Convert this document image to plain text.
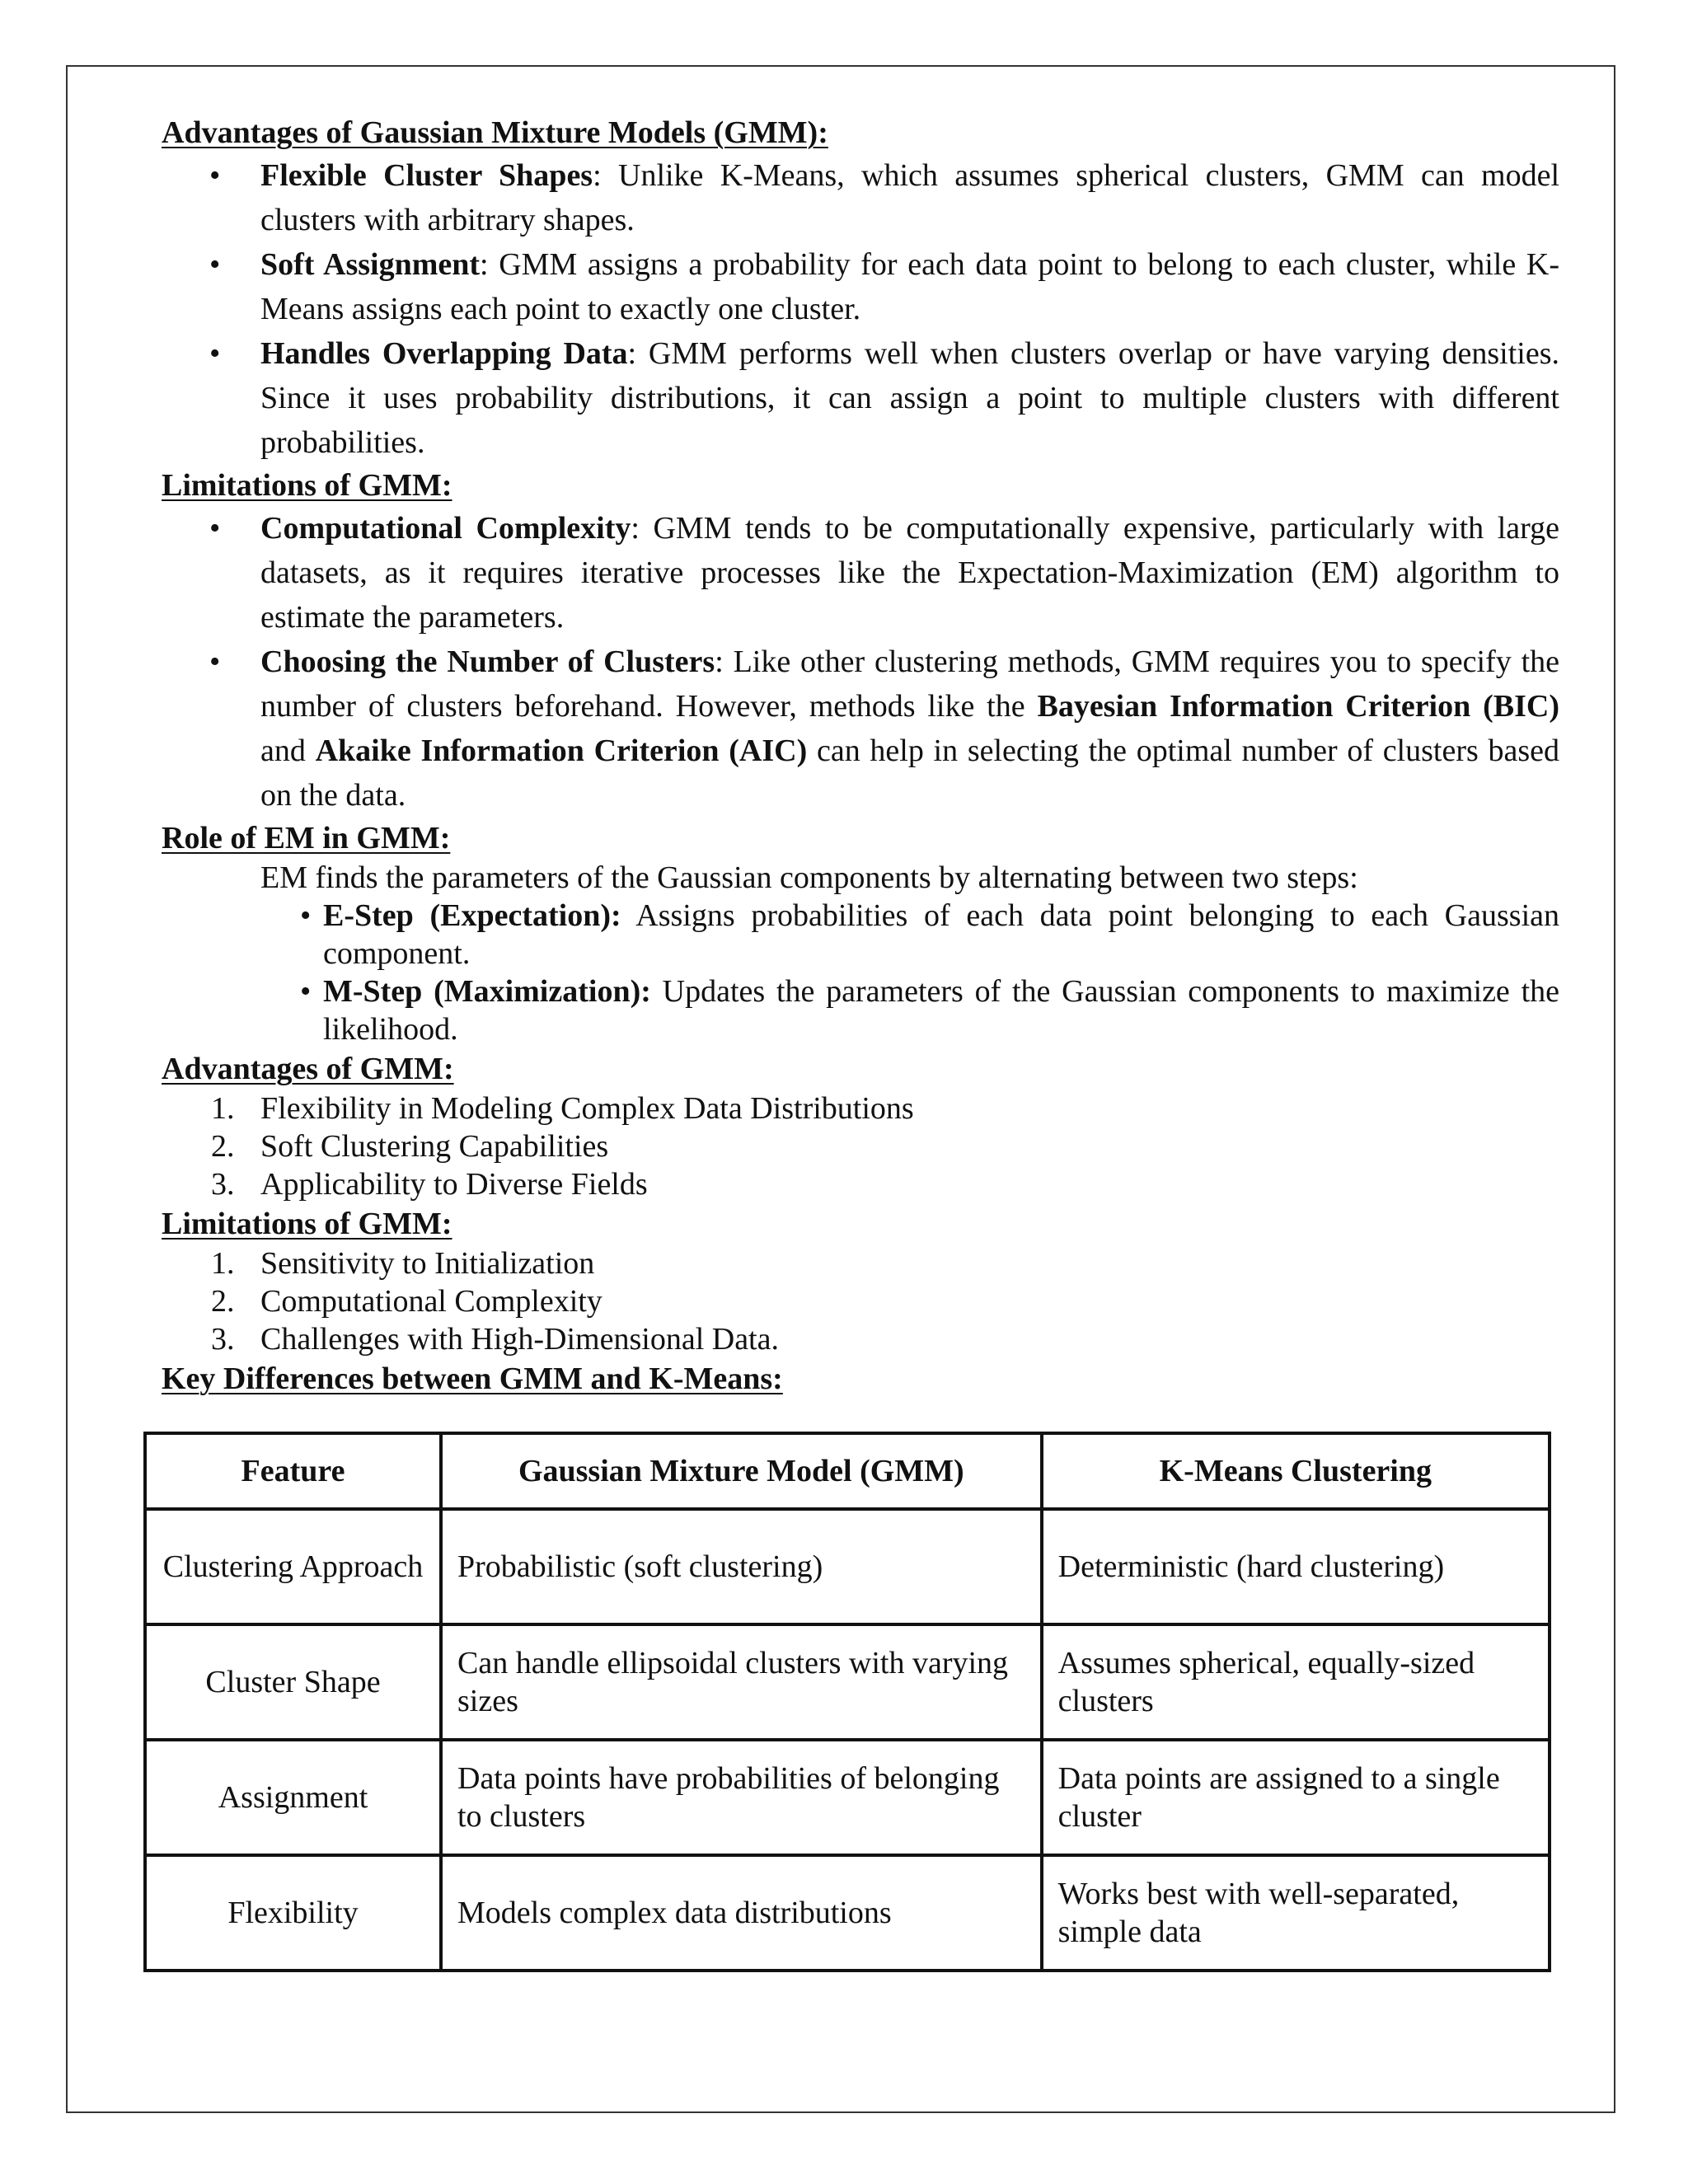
Advantages of Gaussian Mixture Models (GMM):

• Flexible Cluster Shapes: Unlike K-Means, which assumes spherical clusters, GMM can model clusters with arbitrary shapes.
• Soft Assignment: GMM assigns a probability for each data point to belong to each cluster, while K-Means assigns each point to exactly one cluster.
• Handles Overlapping Data: GMM performs well when clusters overlap or have varying densities. Since it uses probability distributions, it can assign a point to multiple clusters with different probabilities.

Limitations of GMM:

• Computational Complexity: GMM tends to be computationally expensive, particularly with large datasets, as it requires iterative processes like the Expectation-Maximization (EM) algorithm to estimate the parameters.
• Choosing the Number of Clusters: Like other clustering methods, GMM requires you to specify the number of clusters beforehand. However, methods like the Bayesian Information Criterion (BIC) and Akaike Information Criterion (AIC) can help in selecting the optimal number of clusters based on the data.

Role of EM in GMM:

EM finds the parameters of the Gaussian components by alternating between two steps:

• E-Step (Expectation): Assigns probabilities of each data point belonging to each Gaussian component.
• M-Step (Maximization): Updates the parameters of the Gaussian components to maximize the likelihood.

Advantages of GMM:

1. Flexibility in Modeling Complex Data Distributions
2. Soft Clustering Capabilities
3. Applicability to Diverse Fields

Limitations of GMM:

1. Sensitivity to Initialization
2. Computational Complexity
3. Challenges with High-Dimensional Data.

Key Differences between GMM and K-Means:

Feature	Gaussian Mixture Model (GMM)	K-Means Clustering
Clustering Approach	Probabilistic (soft clustering)	Deterministic (hard clustering)
Cluster Shape	Can handle ellipsoidal clusters with varying sizes	Assumes spherical, equally-sized clusters
Assignment	Data points have probabilities of belonging to clusters	Data points are assigned to a single cluster
Flexibility	Models complex data distributions	Works best with well-separated, simple data
